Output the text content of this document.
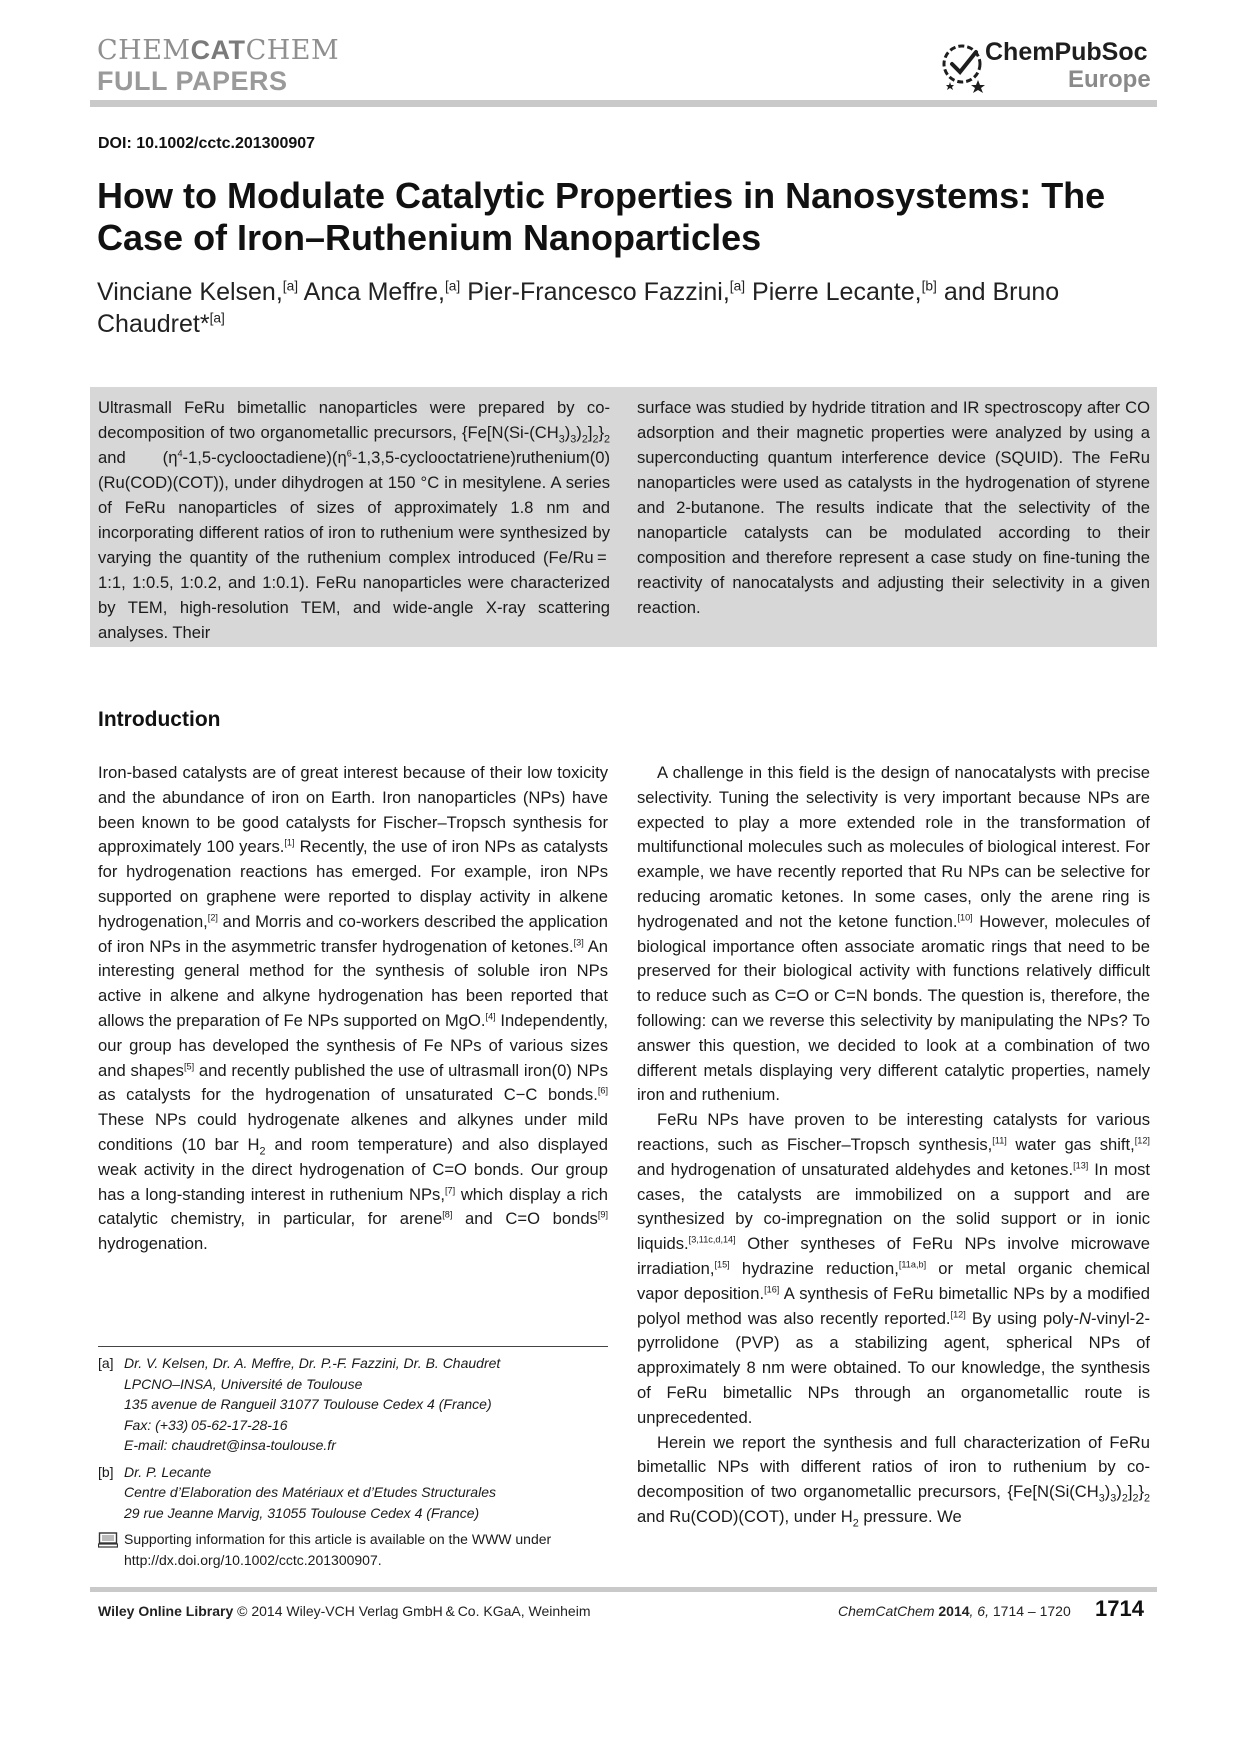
CHEMCATCHEM
FULL PAPERS
ChemPubSoc
Europe
DOI: 10.1002/cctc.201300907
How to Modulate Catalytic Properties in Nanosystems: The Case of Iron–Ruthenium Nanoparticles
Vinciane Kelsen,[a] Anca Meffre,[a] Pier-Francesco Fazzini,[a] Pierre Lecante,[b] and Bruno Chaudret*[a]

Ultrasmall FeRu bimetallic nanoparticles were prepared by co-decomposition of two organometallic precursors, $\{Fe[N(Si-(CH_3)_3)_2]_2\}_2$ and $(\eta^4-1,5-cyclooctadiene)(\eta^6-1,3,5-cyclooctatriene)ruthenium(0)$ (Ru(COD)(COT)), under dihydrogen at 150 °C in mesitylene. A series of FeRu nanoparticles of sizes of approximately 1.8 nm and incorporating different ratios of iron to ruthenium were synthesized by varying the quantity of the ruthenium complex introduced (Fe/Ru = 1:1, 1:0.5, 1:0.2, and 1:0.1). FeRu nanoparticles were characterized by TEM, high-resolution TEM, and wide-angle X-ray scattering analyses. Their

surface was studied by hydride titration and IR spectroscopy after CO adsorption and their magnetic properties were analyzed by using a superconducting quantum interference device (SQUID). The FeRu nanoparticles were used as catalysts in the hydrogenation of styrene and 2-butanone. The results indicate that the selectivity of the nanoparticle catalysts can be modulated according to their composition and therefore represent a case study on fine-tuning the reactivity of nanocatalysts and adjusting their selectivity in a given reaction.

Introduction

Iron-based catalysts are of great interest because of their low toxicity and the abundance of iron on Earth. Iron nanoparticles (NPs) have been known to be good catalysts for Fischer–Tropsch synthesis for approximately 100 years.[1] Recently, the use of iron NPs as catalysts for hydrogenation reactions has emerged. For example, iron NPs supported on graphene were reported to display activity in alkene hydrogenation,[2] and Morris and co-workers described the application of iron NPs in the asymmetric transfer hydrogenation of ketones.[3] An interesting general method for the synthesis of soluble iron NPs active in alkene and alkyne hydrogenation has been reported that allows the preparation of Fe NPs supported on MgO.[4] Independently, our group has developed the synthesis of Fe NPs of various sizes and shapes[5] and recently published the use of ultrasmall iron(0) NPs as catalysts for the hydrogenation of unsaturated C−C bonds.[6] These NPs could hydrogenate alkenes and alkynes under mild conditions (10 bar $H_2$ and room temperature) and also displayed weak activity in the direct hydrogenation of C=O bonds. Our group has a long-standing interest in ruthenium NPs,[7] which display a rich catalytic chemistry, in particular, for arene[8] and C=O bonds[9] hydrogenation.

A challenge in this field is the design of nanocatalysts with precise selectivity. Tuning the selectivity is very important because NPs are expected to play a more extended role in the transformation of multifunctional molecules such as molecules of biological interest. For example, we have recently reported that Ru NPs can be selective for reducing aromatic ketones. In some cases, only the arene ring is hydrogenated and not the ketone function.[10] However, molecules of biological importance often associate aromatic rings that need to be preserved for their biological activity with functions relatively difficult to reduce such as C=O or C=N bonds. The question is, therefore, the following: can we reverse this selectivity by manipulating the NPs? To answer this question, we decided to look at a combination of two different metals displaying very different catalytic properties, namely iron and ruthenium.

FeRu NPs have proven to be interesting catalysts for various reactions, such as Fischer–Tropsch synthesis,[11] water gas shift,[12] and hydrogenation of unsaturated aldehydes and ketones.[13] In most cases, the catalysts are immobilized on a support and are synthesized by co-impregnation on the solid support or in ionic liquids.[3,11c,d,14] Other syntheses of FeRu NPs involve microwave irradiation,[15] hydrazine reduction,[11a,b] or metal organic chemical vapor deposition.[16] A synthesis of FeRu bimetallic NPs by a modified polyol method was also recently reported.[12] By using poly-N-vinyl-2-pyrrolidone (PVP) as a stabilizing agent, spherical NPs of approximately 8 nm were obtained. To our knowledge, the synthesis of FeRu bimetallic NPs through an organometallic route is unprecedented.

Herein we report the synthesis and full characterization of FeRu bimetallic NPs with different ratios of iron to ruthenium by co-decomposition of two organometallic precursors, $\{Fe[N(Si(CH_3)_3)_2]_2\}_2$ and Ru(COD)(COT), under $H_2$ pressure. We

[a] Dr. V. Kelsen, Dr. A. Meffre, Dr. P.-F. Fazzini, Dr. B. Chaudret
LPCNO–INSA, Université de Toulouse
135 avenue de Rangueil 31077 Toulouse Cedex 4 (France)
Fax: (+33) 05-62-17-28-16
E-mail: chaudret@insa-toulouse.fr
[b] Dr. P. Lecante
Centre d’Elaboration des Matériaux et d’Etudes Structurales
29 rue Jeanne Marvig, 31055 Toulouse Cedex 4 (France)
Supporting information for this article is available on the WWW under
http://dx.doi.org/10.1002/cctc.201300907.
Wiley Online Library © 2014 Wiley-VCH Verlag GmbH & Co. KGaA, Weinheim	ChemCatChem 2014, 6, 1714 – 1720 1714
